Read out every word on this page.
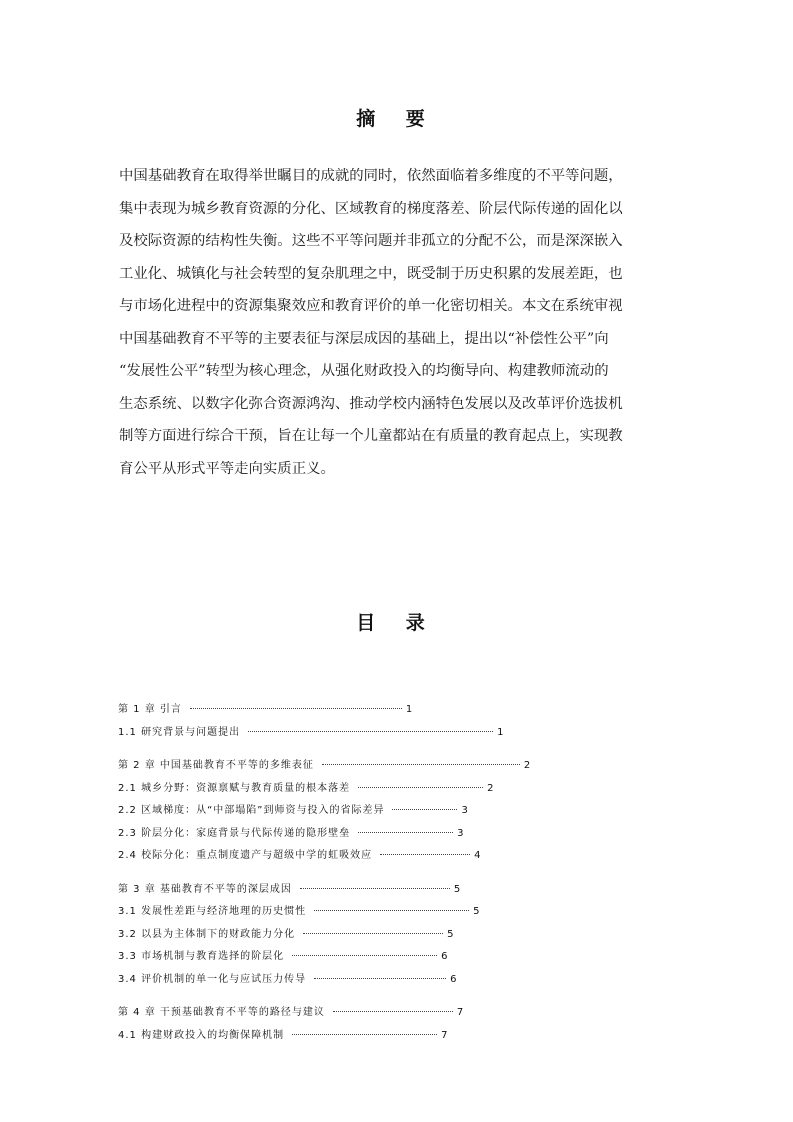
摘 要
中国基础教育在取得举世瞩目的成就的同时，依然面临着多维度的不平等问题，
集中表现为城乡教育资源的分化、区域教育的梯度落差、阶层代际传递的固化以
及校际资源的结构性失衡。这些不平等问题并非孤立的分配不公，而是深深嵌入
工业化、城镇化与社会转型的复杂肌理之中，既受制于历史积累的发展差距，也
与市场化进程中的资源集聚效应和教育评价的单一化密切相关。本文在系统审视
中国基础教育不平等的主要表征与深层成因的基础上，提出以“补偿性公平”向
“发展性公平”转型为核心理念，从强化财政投入的均衡导向、构建教师流动的
生态系统、以数字化弥合资源鸿沟、推动学校内涵特色发展以及改革评价选拔机
制等方面进行综合干预，旨在让每一个儿童都站在有质量的教育起点上，实现教
育公平从形式平等走向实质正义。
目 录
第 1 章 引言	1
1.1 研究背景与问题提出	1
第 2 章 中国基础教育不平等的多维表征	2
2.1 城乡分野：资源禀赋与教育质量的根本落差	2
2.2 区域梯度：从“中部塌陷”到师资与投入的省际差异	3
2.3 阶层分化：家庭背景与代际传递的隐形壁垒	3
2.4 校际分化：重点制度遗产与超级中学的虹吸效应	4
第 3 章 基础教育不平等的深层成因	5
3.1 发展性差距与经济地理的历史惯性	5
3.2 以县为主体制下的财政能力分化	5
3.3 市场机制与教育选择的阶层化	6
3.4 评价机制的单一化与应试压力传导	6
第 4 章 干预基础教育不平等的路径与建议	7
4.1 构建财政投入的均衡保障机制	7
